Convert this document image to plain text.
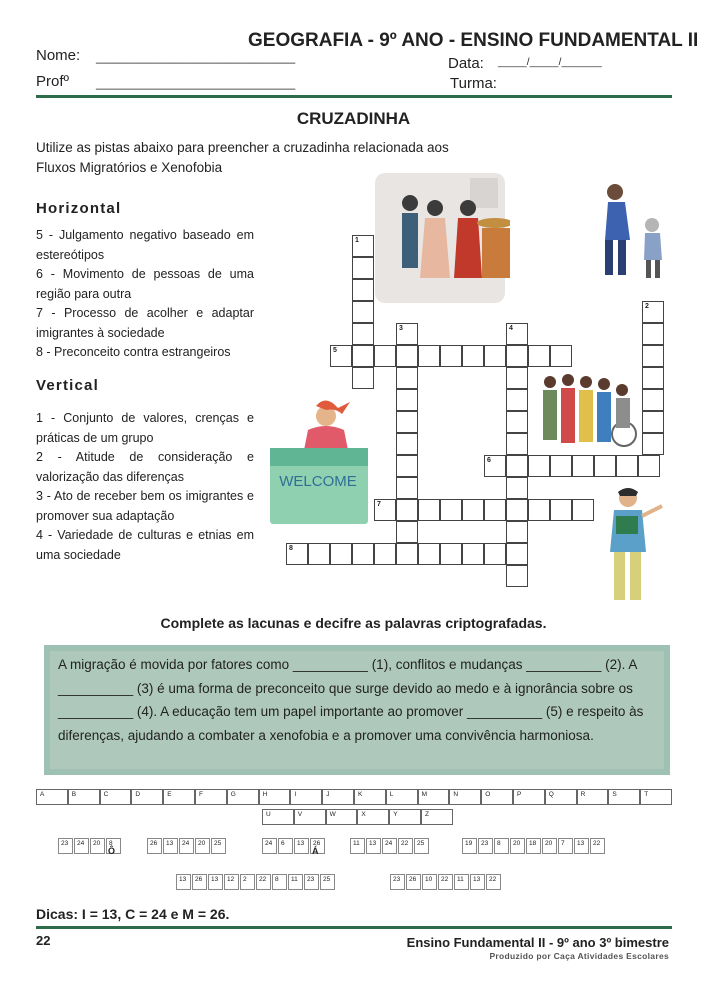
GEOGRAFIA - 9º ANO - ENSINO FUNDAMENTAL II
Nome: _____________________________
Profº _____________________________
Data: _____/_____/_______
Turma:
CRUZADINHA
Utilize as pistas abaixo para preencher a cruzadinha relacionada aos Fluxos Migratórios e Xenofobia
Horizontal
5 - Julgamento negativo baseado em estereótipos
6 - Movimento de pessoas de uma região para outra
7 - Processo de acolher e adaptar imigrantes à sociedade
8 - Preconceito contra estrangeiros
Vertical
1 - Conjunto de valores, crenças e práticas de um grupo
2 - Atitude de consideração e valorização das diferenças
3 - Ato de receber bem os imigrantes e promover sua adaptação
4 - Variedade de culturas e etnias em uma sociedade
WELCOME
1
5
3	4
2
6
7
8
Complete as lacunas e decifre as palavras criptografadas.
A migração é movida por fatores como __________ (1), conflitos e mudanças __________ (2). A __________ (3) é uma forma de preconceito que surge devido ao medo e à ignorância sobre os __________ (4). A educação tem um papel importante ao promover __________ (5) e respeito às diferenças, ajudando a combater a xenofobia e a promover uma convivência harmoniosa.
A	B	C	D	E	F	G	H	I	J	K	L	M	N	O	P	Q	R	S	T
U	V	W	X	Y	Z
23	24	20	8	26	13	24	20	25	24	6	13	26	11	13	24	22	25	19	23	8	20	18	20	7	13	22
Ô	Á
13	26	13	12	2	22	8	11	23	25	23	26	10	22	11	13	22
Dicas: I = 13, C = 24 e M = 26.
22	Ensino Fundamental II - 9º ano 3º bimestre
Produzido por Caça Atividades Escolares
